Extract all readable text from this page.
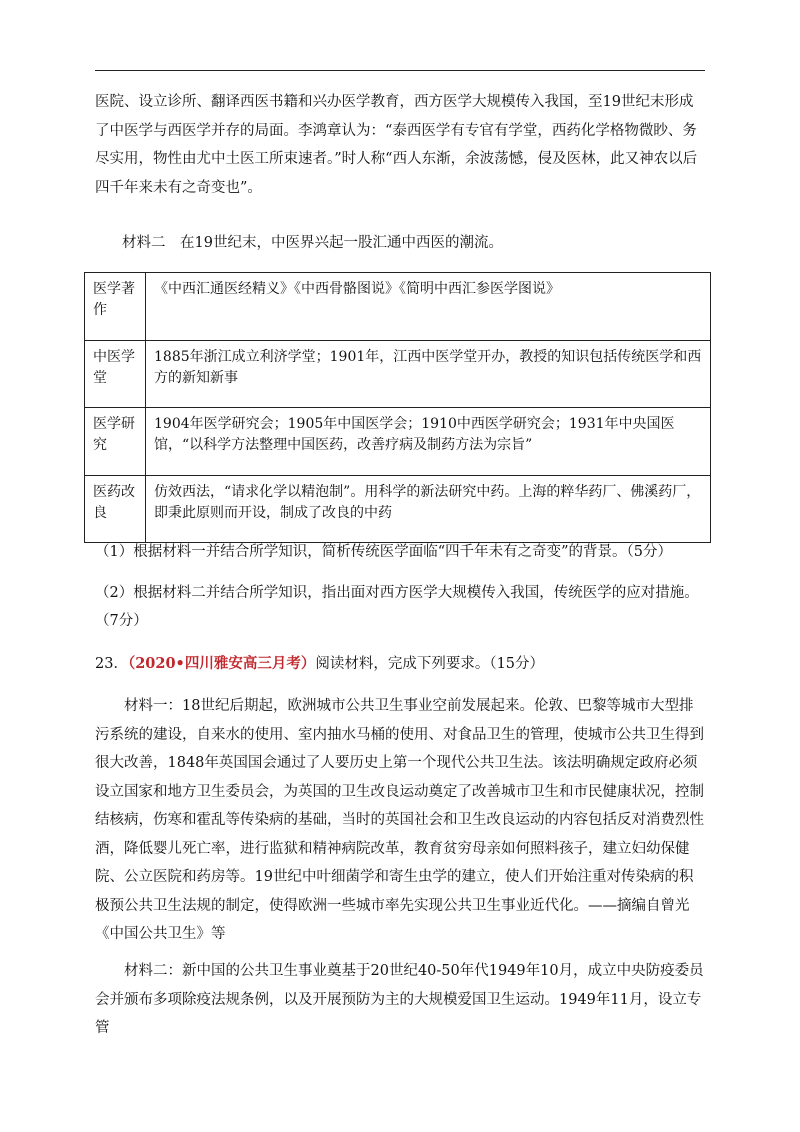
医院、设立诊所、翻译西医书籍和兴办医学教育，西方医学大规模传入我国，至19世纪末形成了中医学与西医学并存的局面。李鸿章认为：“泰西医学有专官有学堂，西药化学格物微眇、务尽实用，物性由尤中土医工所束速者。”时人称“西人东渐，余波荡憾，侵及医林，此又神农以后四千年来未有之奇变也”。

材料二　在19世纪末，中医界兴起一股汇通中西医的潮流。
医学著作	《中西汇通医经精义》《中西骨骼图说》《简明中西汇参医学图说》
中医学堂	1885年浙江成立利济学堂；1901年，江西中医学堂开办，教授的知识包括传统医学和西方的新知新事
医学研究	1904年医学研究会；1905年中国医学会；1910中西医学研究会；1931年中央国医馆，“以科学方法整理中国医药，改善疗病及制药方法为宗旨”
医药改良	仿效西法，“请求化学以精泡制”。用科学的新法研究中药。上海的粹华药厂、佛溪药厂，即秉此原则而开设，制成了改良的中药

（1）根据材料一并结合所学知识，简析传统医学面临“四千年未有之奇变”的背景。（5分）

（2）根据材料二并结合所学知识，指出面对西方医学大规模传入我国，传统医学的应对措施。（7分）

23．（2020•四川雅安高三月考）阅读材料，完成下列要求。（15分）

材料一：18世纪后期起，欧洲城市公共卫生事业空前发展起来。伦敦、巴黎等城市大型排污系统的建设，自来水的使用、室内抽水马桶的使用、对食品卫生的管理，使城市公共卫生得到很大改善，1848年英国国会通过了人要历史上第一个现代公共卫生法。该法明确规定政府必须设立国家和地方卫生委员会，为英国的卫生改良运动奠定了改善城市卫生和市民健康状况，控制结核病，伤寒和霍乱等传染病的基础，当时的英国社会和卫生改良运动的内容包括反对消费烈性酒，降低婴儿死亡率，进行监狱和精神病院改革，教育贫穷母亲如何照料孩子，建立妇幼保健院、公立医院和药房等。19世纪中叶细菌学和寄生虫学的建立，使人们开始注重对传染病的积极预公共卫生法规的制定，使得欧洲一些城市率先实现公共卫生事业近代化。——摘编自曾光《中国公共卫生》等

材料二：新中国的公共卫生事业奠基于20世纪40-50年代1949年10月，成立中央防疫委员会并颁布多项除疫法规条例，以及开展预防为主的大规模爱国卫生运动。1949年11月，设立专管
